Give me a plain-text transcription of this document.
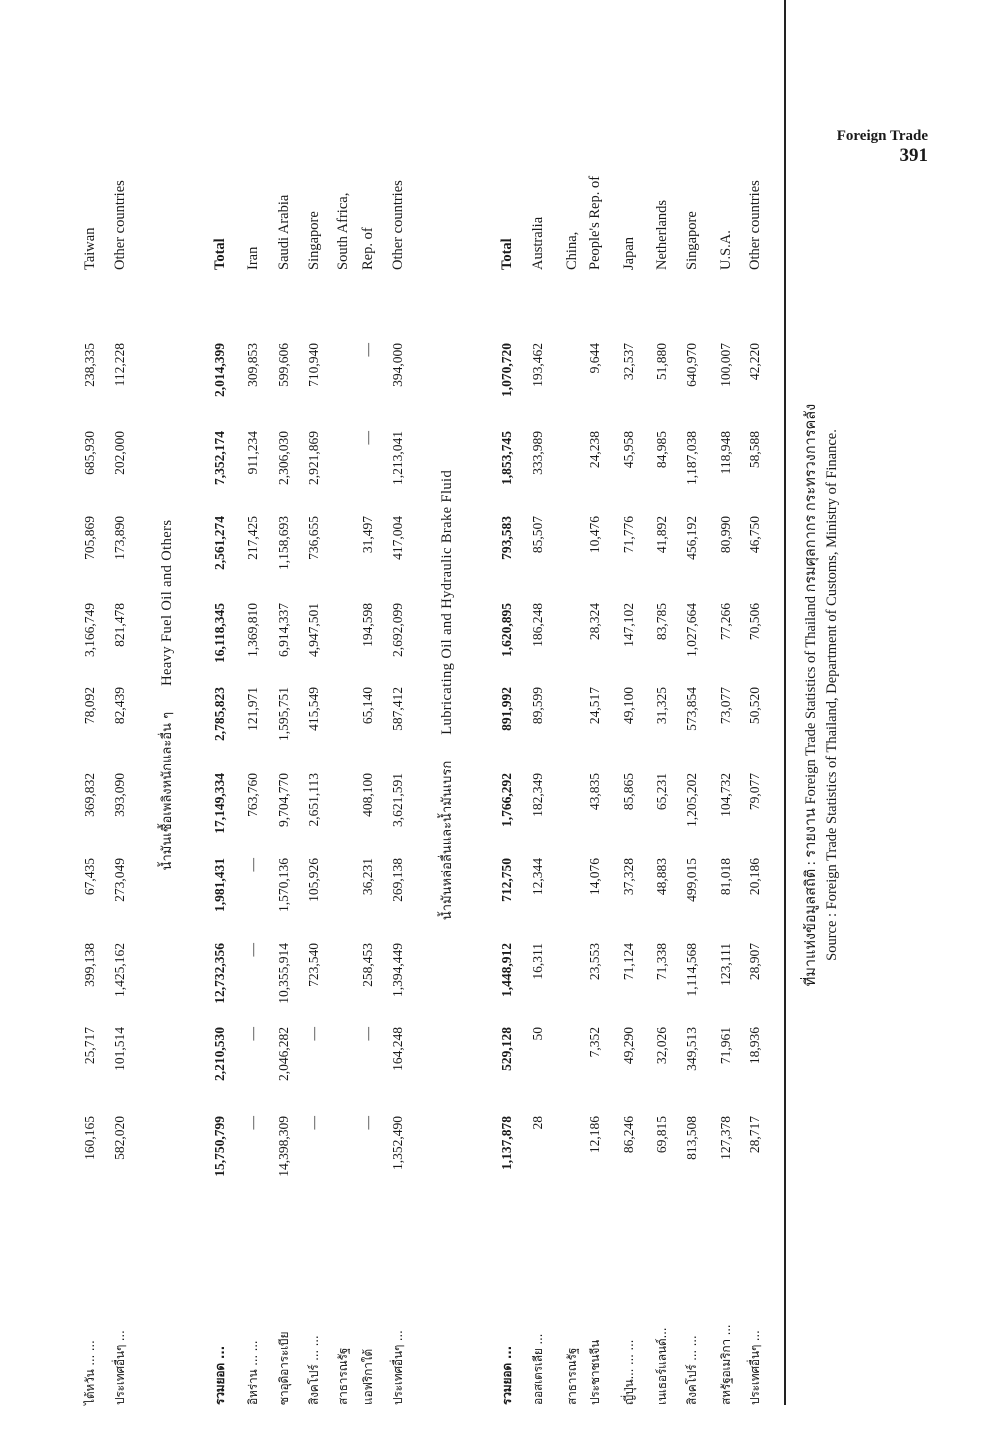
Foreign Trade
391
ไต้หวัน ... ...
160,165
25,717
399,138
67,435
369,832
78,092
3,166,749
705,869
685,930
238,335
Taiwan
ประเทศอื่นๆ ...
582,020
101,514
1,425,162
273,049
393,090
82,439
821,478
173,890
202,000
112,228
Other countries
น้ำมันเชื้อเพลิงหนักและอื่น ๆHeavy Fuel Oil and Others
รวมยอด ...
15,750,799
2,210,530
12,732,356
1,981,431
17,149,334
2,785,823
16,118,345
2,561,274
7,352,174
2,014,399
Total
อิหร่าน ... ...
—
—
—
—
763,760
121,971
1,369,810
217,425
911,234
309,853
Iran
ซาอุดิอาระเบีย
14,398,309
2,046,282
10,355,914
1,570,136
9,704,770
1,595,751
6,914,337
1,158,693
2,306,030
599,606
Saudi Arabia
สิงคโปร์ ... ...
—
—
723,540
105,926
2,651,113
415,549
4,947,501
736,655
2,921,869
710,940
Singapore
สาธารณรัฐ
South Africa,
แอฟริกาใต้
—
—
258,453
36,231
408,100
65,140
194,598
31,497
—
—
Rep. of
ประเทศอื่นๆ ...
1,352,490
164,248
1,394,449
269,138
3,621,591
587,412
2,692,099
417,004
1,213,041
394,000
Other countries
น้ำมันหล่อลื่นและน้ำมันเบรกLubricating Oil and Hydraulic Brake Fluid
รวมยอด ...
1,137,878
529,128
1,448,912
712,750
1,766,292
891,992
1,620,895
793,583
1,853,745
1,070,720
Total
ออสเตรเลีย ...
28
50
16,311
12,344
182,349
89,599
186,248
85,507
333,989
193,462
Australia
สาธารณรัฐ
China,
ประชาชนจีน
12,186
7,352
23,553
14,076
43,835
24,517
28,324
10,476
24,238
9,644
People's Rep. of
ญี่ปุ่น... ... ...
86,246
49,290
71,124
37,328
85,865
49,100
147,102
71,776
45,958
32,537
Japan
เนเธอร์แลนด์...
69,815
32,026
71,338
48,883
65,231
31,325
83,785
41,892
84,985
51,880
Netherlands
สิงคโปร์ ... ...
813,508
349,513
1,114,568
499,015
1,205,202
573,854
1,027,664
456,192
1,187,038
640,970
Singapore
สหรัฐอเมริกา ...
127,378
71,961
123,111
81,018
104,732
73,077
77,266
80,990
118,948
100,007
U.S.A.
ประเทศอื่นๆ ...
28,717
18,936
28,907
20,186
79,077
50,520
70,506
46,750
58,588
42,220
Other countries
ที่มาแห่งข้อมูลสถิติ : รายงาน Foreign Trade Statistics of Thailand กรมศุลกากร กระทรวงการคลัง Source : Foreign Trade Statistics of Thailand, Department of Customs, Ministry of Finance.
